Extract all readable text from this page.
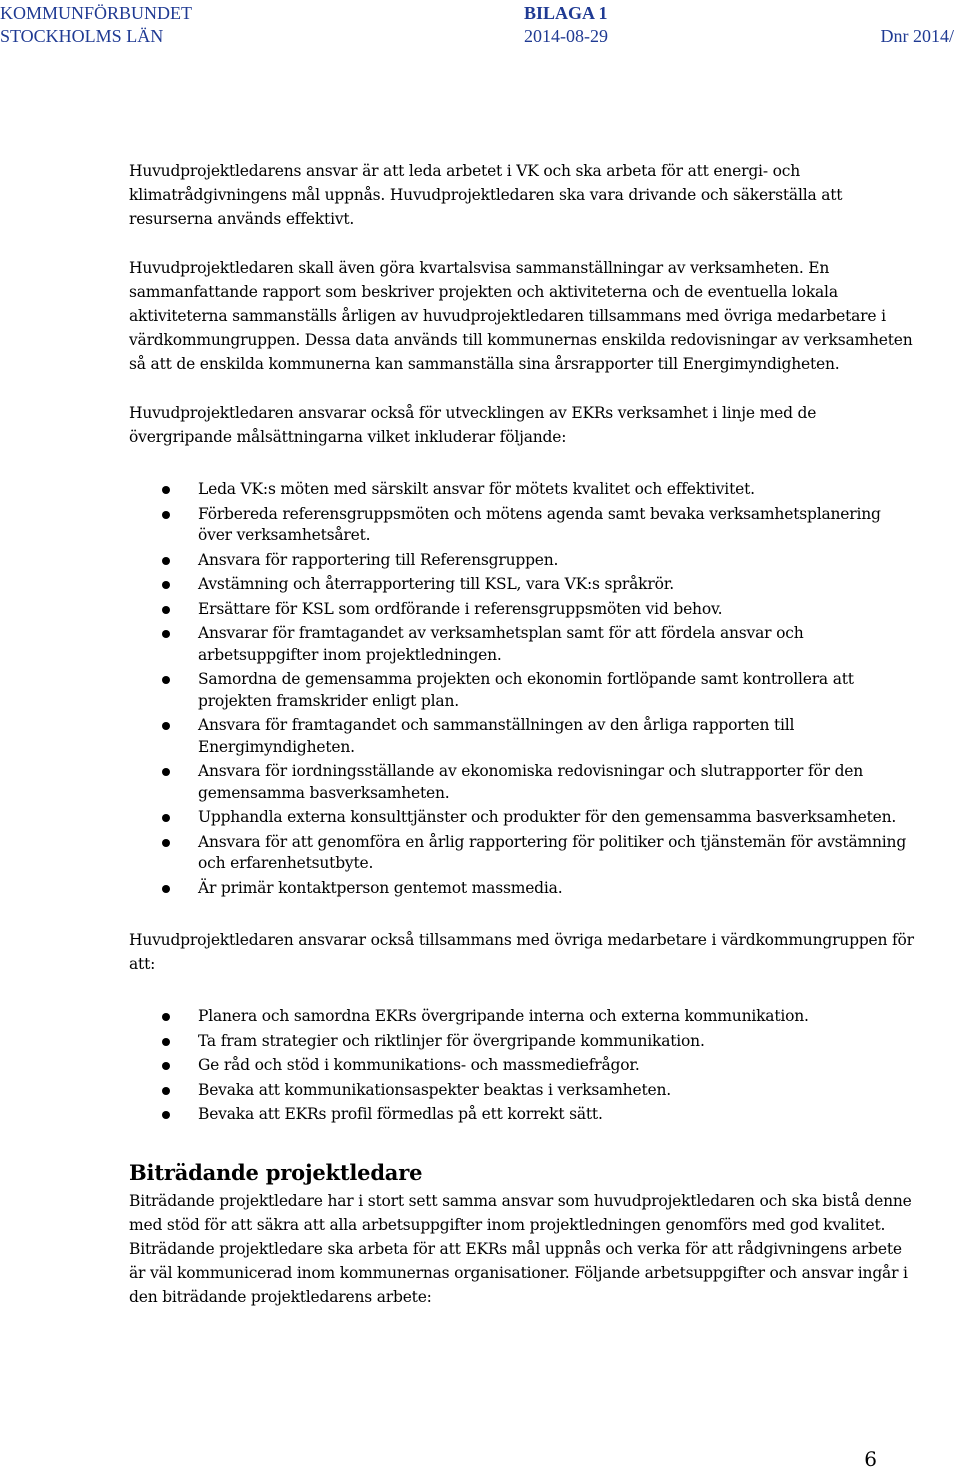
KOMMUNFÖRBUNDET
STOCKHOLMS LÄN
BILAGA 1
2014-08-29
	Dnr 2014/

Huvudprojektledarens ansvar är att leda arbetet i VK och ska arbeta för att energi- och klimatrådgivningens mål uppnås. Huvudprojektledaren ska vara drivande och säkerställa att resurserna används effektivt.

Huvudprojektledaren skall även göra kvartalsvisa sammanställningar av verksamheten. En sammanfattande rapport som beskriver projekten och aktiviteterna och de eventuella lokala aktiviteterna sammanställs årligen av huvudprojektledaren tillsammans med övriga medarbetare i värdkommungruppen. Dessa data används till kommunernas enskilda redovisningar av verksamheten så att de enskilda kommunerna kan sammanställa sina årsrapporter till Energimyndigheten.

Huvudprojektledaren ansvarar också för utvecklingen av EKRs verksamhet i linje med de övergripande målsättningarna vilket inkluderar följande:

Leda VK:s möten med särskilt ansvar för mötets kvalitet och effektivitet.
Förbereda referensgruppsmöten och mötens agenda samt bevaka verksamhetsplanering över verksamhetsåret.
Ansvara för rapportering till Referensgruppen.
Avstämning och återrapportering till KSL, vara VK:s språkrör.
Ersättare för KSL som ordförande i referensgruppsmöten vid behov.
Ansvarar för framtagandet av verksamhetsplan samt för att fördela ansvar och arbetsuppgifter inom projektledningen.
Samordna de gemensamma projekten och ekonomin fortlöpande samt kontrollera att projekten framskrider enligt plan.
Ansvara för framtagandet och sammanställningen av den årliga rapporten till Energimyndigheten.
Ansvara för iordningsställande av ekonomiska redovisningar och slutrapporter för den gemensamma basverksamheten.
Upphandla externa konsulttjänster och produkter för den gemensamma basverksamheten.
Ansvara för att genomföra en årlig rapportering för politiker och tjänstemän för avstämning och erfarenhetsutbyte.
Är primär kontaktperson gentemot massmedia.

Huvudprojektledaren ansvarar också tillsammans med övriga medarbetare i värdkommungruppen för att:

Planera och samordna EKRs övergripande interna och externa kommunikation.
Ta fram strategier och riktlinjer för övergripande kommunikation.
Ge råd och stöd i kommunikations- och massmediefrågor.
Bevaka att kommunikationsaspekter beaktas i verksamheten.
Bevaka att EKRs profil förmedlas på ett korrekt sätt.
Biträdande projektledare

Biträdande projektledare har i stort sett samma ansvar som huvudprojektledaren och ska bistå denne med stöd för att säkra att alla arbetsuppgifter inom projektledningen genomförs med god kvalitet. Biträdande projektledare ska arbeta för att EKRs mål uppnås och verka för att rådgivningens arbete är väl kommunicerad inom kommunernas organisationer. Följande arbetsuppgifter och ansvar ingår i den biträdande projektledarens arbete:

6
